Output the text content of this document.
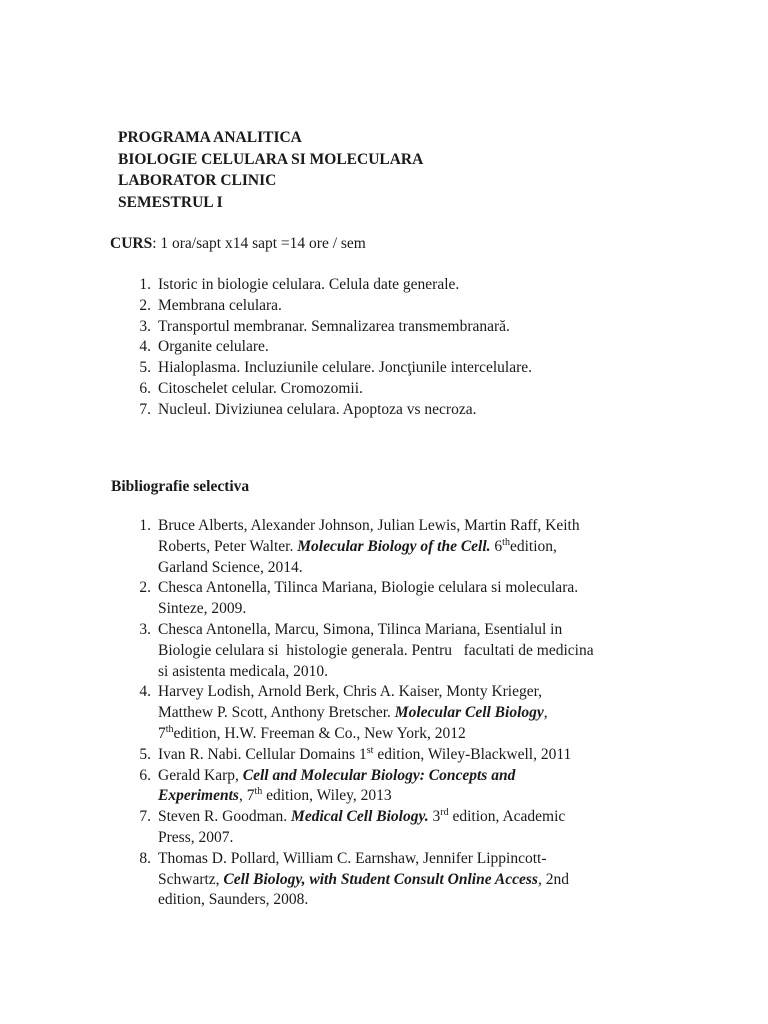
PROGRAMA ANALITICA
BIOLOGIE CELULARA SI MOLECULARA
LABORATOR CLINIC
SEMESTRUL I
CURS: 1 ora/sapt x14 sapt =14 ore / sem
1. Istoric in biologie celulara. Celula date generale.
2. Membrana celulara.
3. Transportul membranar. Semnalizarea transmembranară.
4. Organite celulare.
5. Hialoplasma. Incluziunile celulare. Joncţiunile intercelulare.
6. Citoschelet celular. Cromozomii.
7. Nucleul. Diviziunea celulara. Apoptoza vs necroza.
Bibliografie selectiva
1. Bruce Alberts, Alexander Johnson, Julian Lewis, Martin Raff, Keith
Roberts, Peter Walter. Molecular Biology of the Cell. 6thedition,
Garland Science, 2014.
2. Chesca Antonella, Tilinca Mariana, Biologie celulara si moleculara.
Sinteze, 2009.
3. Chesca Antonella, Marcu, Simona, Tilinca Mariana, Esentialul in
Biologie celulara si  histologie generala. Pentru   facultati de medicina
si asistenta medicala, 2010.
4. Harvey Lodish, Arnold Berk, Chris A. Kaiser, Monty Krieger,
Matthew P. Scott, Anthony Bretscher. Molecular Cell Biology,
7thedition, H.W. Freeman & Co., New York, 2012
5. Ivan R. Nabi. Cellular Domains 1st edition, Wiley-Blackwell, 2011
6. Gerald Karp, Cell and Molecular Biology: Concepts and
Experiments, 7th edition, Wiley, 2013
7. Steven R. Goodman. Medical Cell Biology. 3rd edition, Academic
Press, 2007.
8. Thomas D. Pollard, William C. Earnshaw, Jennifer Lippincott-
Schwartz, Cell Biology, with Student Consult Online Access, 2nd
edition, Saunders, 2008.
